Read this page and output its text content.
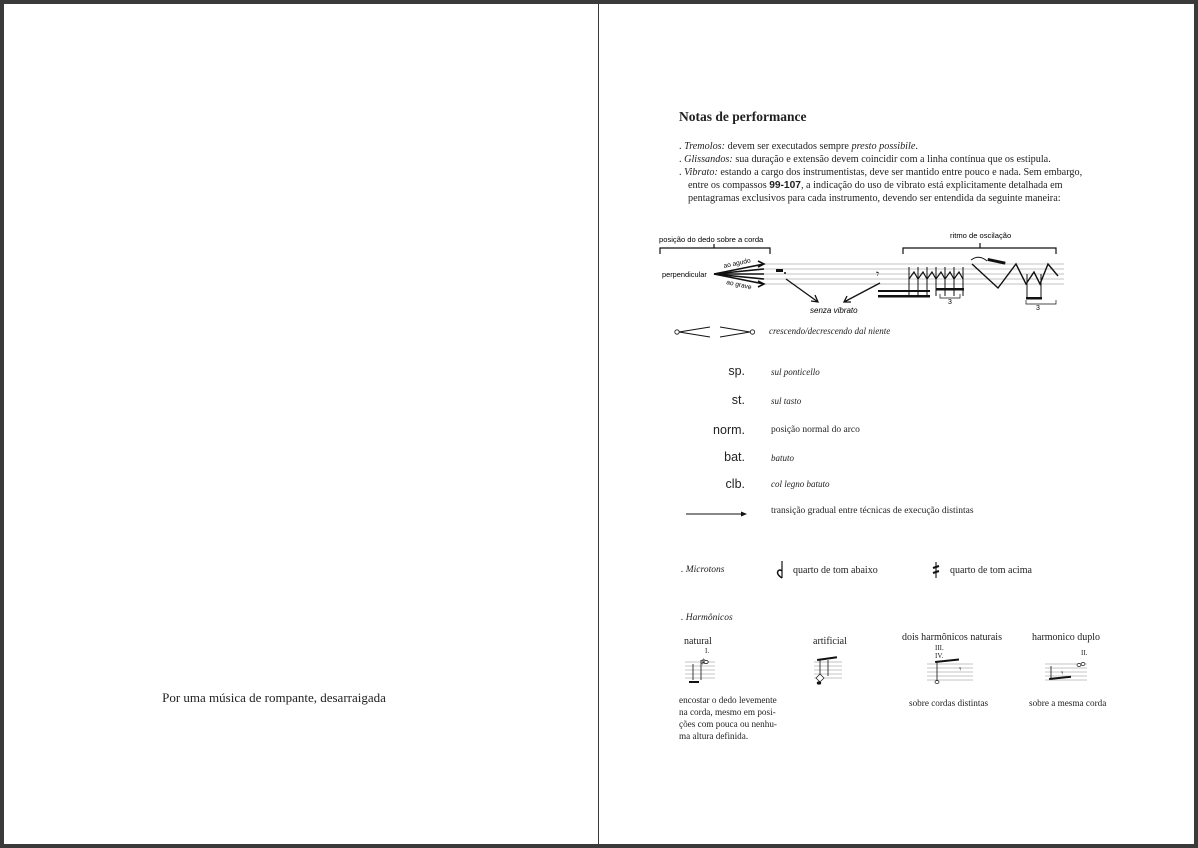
Por uma música de rompante, desarraigada
Notas de performance

. Tremolos: devem ser executados sempre presto possibile.

. Glissandos: sua duração e extensão devem coincidir com a linha contínua que os estipula.

. Vibrato: estando a cargo dos instrumentistas, deve ser mantido entre pouco e nada. Sem embargo,

entre os compassos 99-107, a indicação do uso de vibrato está explicitamente detalhada em

pentagramas exclusivos para cada instrumento, devendo ser entendida da seguinte maneira:

posição do dedo sobre a corda	ritmo de oscilação
perpendicular
ao agudo
ao grave
𝄾
senza vibrato
3
3
crescendo/decrescendo dal niente
sp.	sul ponticello
st.	sul tasto
norm.	posição normal do arco
bat.	batuto
clb.	col legno batuto
transição gradual entre técnicas de execução distintas
. Microtons	quarto de tom abaixo	quarto de tom acima
. Harmônicos
natural
I.
♯
artificial	dois harmônicos naturais
III.
IV.
𝄾
harmonico duplo
II.
𝄾
encostar o dedo levemente
na corda, mesmo em posi-
ções com pouca ou nenhu-
ma altura definida.
sobre cordas distintas	sobre a mesma corda
